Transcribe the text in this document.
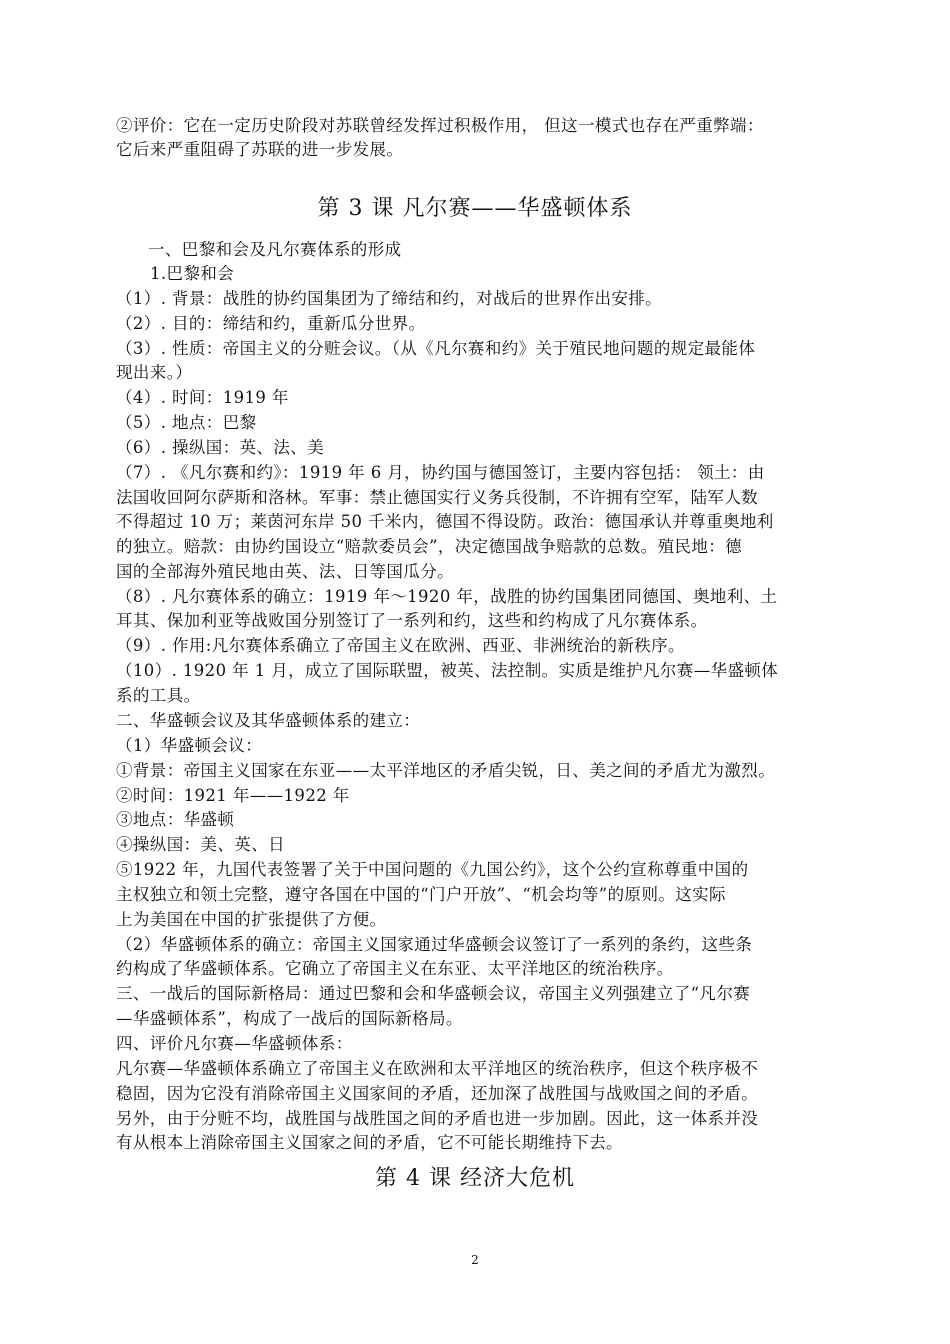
②评价：它在一定历史阶段对苏联曾经发挥过积极作用， 但这一模式也存在严重弊端：
它后来严重阻碍了苏联的进一步发展。
第 3 课 凡尔赛——华盛顿体系
一、巴黎和会及凡尔赛体系的形成
1.巴黎和会
（1）. 背景：战胜的协约国集团为了缔结和约，对战后的世界作出安排。
（2）. 目的：缔结和约，重新瓜分世界。
（3）. 性质：帝国主义的分赃会议。（从《凡尔赛和约》关于殖民地问题的规定最能体
现出来。）
（4）. 时间：1919 年
（5）. 地点：巴黎
（6）. 操纵国：英、法、美
（7）. 《凡尔赛和约》：1919 年 6 月，协约国与德国签订，主要内容包括： 领土：由
法国收回阿尔萨斯和洛林。军事：禁止德国实行义务兵役制，不许拥有空军，陆军人数
不得超过 10 万；莱茵河东岸 50 千米内，德国不得设防。政治：德国承认并尊重奥地利
的独立。赔款：由协约国设立“赔款委员会”，决定德国战争赔款的总数。殖民地：德
国的全部海外殖民地由英、法、日等国瓜分。
（8）. 凡尔赛体系的确立：1919 年～1920 年，战胜的协约国集团同德国、奥地利、土
耳其、保加利亚等战败国分别签订了一系列和约，这些和约构成了凡尔赛体系。
（9）. 作用:凡尔赛体系确立了帝国主义在欧洲、西亚、非洲统治的新秩序。
（10）. 1920 年 1 月，成立了国际联盟，被英、法控制。实质是维护凡尔赛—华盛顿体
系的工具。
二、华盛顿会议及其华盛顿体系的建立：
（1）华盛顿会议：
①背景：帝国主义国家在东亚——太平洋地区的矛盾尖锐，日、美之间的矛盾尤为激烈。
②时间：1921 年——1922 年
③地点：华盛顿
④操纵国：美、英、日
⑤1922 年，九国代表签署了关于中国问题的《九国公约》，这个公约宣称尊重中国的
主权独立和领土完整，遵守各国在中国的“门户开放”、“机会均等”的原则。这实际
上为美国在中国的扩张提供了方便。
（2）华盛顿体系的确立：帝国主义国家通过华盛顿会议签订了一系列的条约，这些条
约构成了华盛顿体系。它确立了帝国主义在东亚、太平洋地区的统治秩序。
三、一战后的国际新格局：通过巴黎和会和华盛顿会议，帝国主义列强建立了“凡尔赛
—华盛顿体系”，构成了一战后的国际新格局。
四、评价凡尔赛—华盛顿体系：
凡尔赛—华盛顿体系确立了帝国主义在欧洲和太平洋地区的统治秩序，但这个秩序极不
稳固，因为它没有消除帝国主义国家间的矛盾，还加深了战胜国与战败国之间的矛盾。
另外，由于分赃不均，战胜国与战胜国之间的矛盾也进一步加剧。因此，这一体系并没
有从根本上消除帝国主义国家之间的矛盾，它不可能长期维持下去。
第 4 课 经济大危机
2
